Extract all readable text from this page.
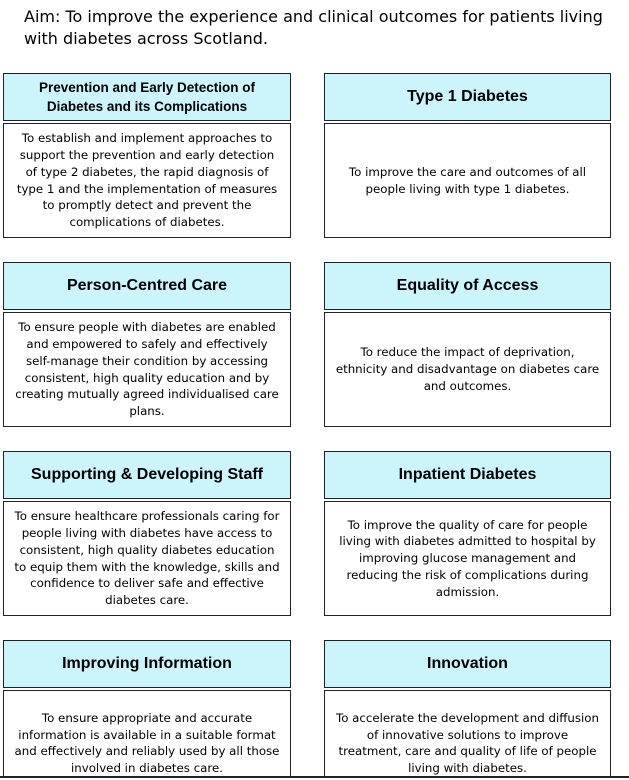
Aim: To improve the experience and clinical outcomes for patients living with diabetes across Scotland.
Prevention and Early Detection of Diabetes and its Complications
To establish and implement approaches to support the prevention and early detection of type 2 diabetes, the rapid diagnosis of type 1 and the implementation of measures to promptly detect and prevent the complications of diabetes.
Type 1 Diabetes
To improve the care and outcomes of all people living with type 1 diabetes.
Person-Centred Care
To ensure people with diabetes are enabled and empowered to safely and effectively self-manage their condition by accessing consistent, high quality education and by creating mutually agreed individualised care plans.
Equality of Access
To reduce the impact of deprivation, ethnicity and disadvantage on diabetes care and outcomes.
Supporting & Developing Staff
To ensure healthcare professionals caring for people living with diabetes have access to consistent, high quality diabetes education to equip them with the knowledge, skills and confidence to deliver safe and effective diabetes care.
Inpatient Diabetes
To improve the quality of care for people living with diabetes admitted to hospital by improving glucose management and reducing the risk of complications during admission.
Improving Information
To ensure appropriate and accurate information is available in a suitable format and effectively and reliably used by all those involved in diabetes care.
Innovation
To accelerate the development and diffusion of innovative solutions to improve treatment, care and quality of life of people living with diabetes.
